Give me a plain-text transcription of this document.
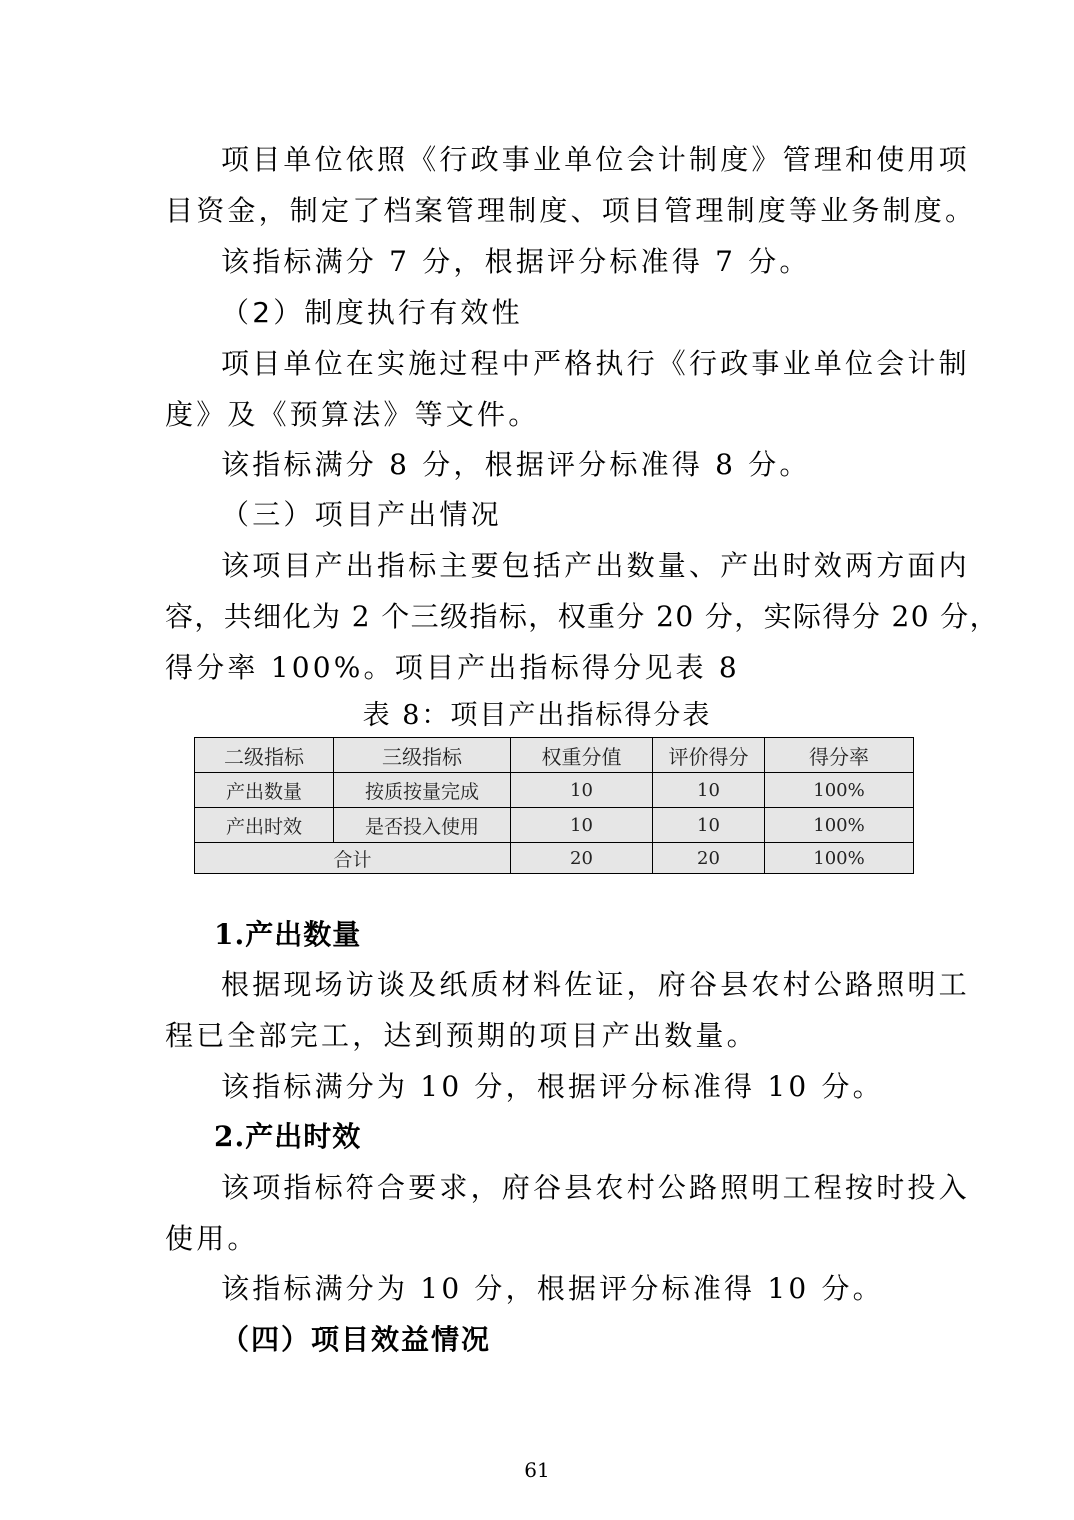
项目单位依照《行政事业单位会计制度》管理和使用项
目资金，制定了档案管理制度、项目管理制度等业务制度。
该指标满分 7 分，根据评分标准得 7 分。
（2）制度执行有效性
项目单位在实施过程中严格执行《行政事业单位会计制
度》及《预算法》等文件。
该指标满分 8 分，根据评分标准得 8 分。
（三）项目产出情况
该项目产出指标主要包括产出数量、产出时效两方面内
容，共细化为 2 个三级指标，权重分 20 分，实际得分 20 分，
得分率 100%。项目产出指标得分见表 8
表 8：项目产出指标得分表
二级指标	三级指标	权重分值	评价得分	得分率
产出数量	按质按量完成	10	10	100%
产出时效	是否投入使用	10	10	100%
合计		20	20	100%
1.产出数量
根据现场访谈及纸质材料佐证，府谷县农村公路照明工
程已全部完工，达到预期的项目产出数量。
该指标满分为 10 分，根据评分标准得 10 分。
2.产出时效
该项指标符合要求，府谷县农村公路照明工程按时投入
使用。
该指标满分为 10 分，根据评分标准得 10 分。
（四）项目效益情况
61
